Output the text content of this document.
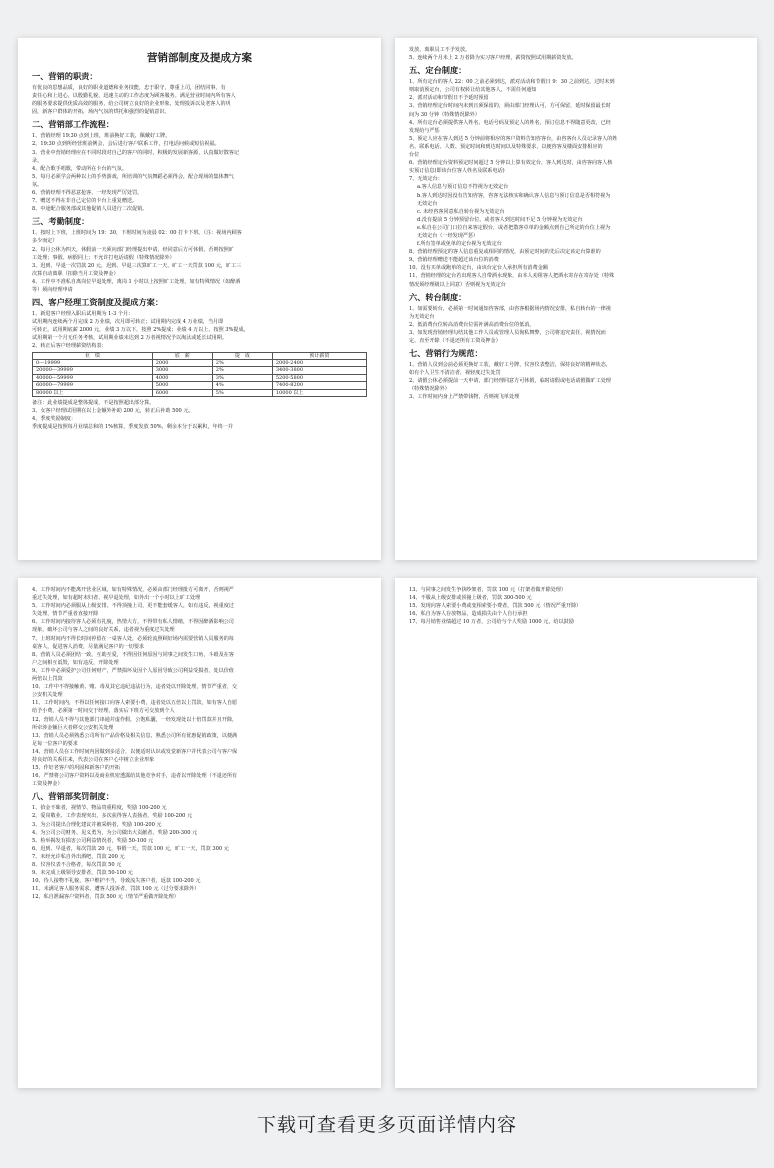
营销部制度及提成方案
一、营销的职责：
有优良的思想品质，良好的职业道德和业务技能，忠于职守，尊重上司，团结同事，有
责任心和上进心，以殷勤礼貌，迅速主动的工作态度为顾客服务。满足营业时间内所有客人
的服务要求提供优质高效的服务，给公司树立良好的企业形象，处理投诉以及老客人的巩
固，新客户群体的开拓，场内气氛的烘托和强烈的促销意识。
二、营销部工作流程：
1、营销经理 19:30 点到上班，班前换好工装、佩戴好工牌。
2、19:30 点到所经营班前例会，会后进行客户联系工作，打电话问候或短信祝福。
3、营业中营销经理应在不同时段对自己的客户的同时，积极的发展新客源，认真做好散客记
录。
4、配合歌手唱歌，带动所在卡台的气氛。
5、每月必须学会两种以上的手势游戏，所培训的气氛舞蹈必须得会，配合现场的集体舞气
氛。
6、营销经理不得恶意抢客，一经发现严厉处罚。
7、赠送不得在非自己定位的卡台上重复赠送。
8、中途配合服务部或其他促销人员进行二次促销。
三、考勤制度：
1、按时上下班，上班时间为 19：30，下班时间为凌晨 02：00 打卡下班。（注：视场内顾客
多少而定）
2、每月公休为四天，休假前一天须向部门经理提出申请，经同意后方可休假，否则按照旷
工处理；事假、病假同上；不允许打电话请假（特殊情况除外）
3、迟到、早退一次罚款 20 元，迟到、早退三次算旷工一天，旷工一天罚款 100 元，旷工三
次算自动离职（扣除当月工资及押金）
4、工作中不准私自离岗位早退处理，离岗 1 小时以上按照旷工处理，如有特殊情况（如醉酒
等）须向经理申请
四、客户经理工资制度及提成方案：
1、新进客户经理入职后试用期为 1-3 个月：
试用期内连续两个月完成 2 万业绩，次月即可转正；试用期内完成 4 万业绩，当月即
可转正。试用期底薪 2000 元，业绩 3 万以下，按照 2%提成；业绩 4 万以上，按照 3%提成。
试用期第一个月无任务考核，试用期业绩未达到 2 万者视情况予以淘汰或延长试用期。
2、转正后客户经理薪资结构表：
业　绩	底　薪	提　成	预计薪资
0---19999	2000	2%	2000-2400
20000---39999	3000	2%	3400-3800
40000---59999	4000	3%	5200-5800
60000---79999	5000	4%	7400-8200
80000 以上	6000	5%	10000 以上
备注：此业绩提成是整体提成，不是按照超出部分算。
3、女客户经理试用期在以上金额外补助 200 元，转正后补助 500 元。
4、季度奖励制度：
季度提成是按照每月业绩总和的 1%核算，季度发放 50%，剩余本分于以累积，年终一并
发放，离职员工不予发放。
5、连续两个月未上 2 万者降为实习客户经理，薪资按照试用期薪资发放。
五、定台制度：
1、所有定台的客人 22：00 之前必须到达，派对活动和节假日 9：30 之前到达，过时未到
则取消预定台，公司有权转让给其他客人，不需任何通知
2、派对活动和节假日不予延时预留
3、营销经理定台时间内未到且须保留的，须由部门经理认可，方可保留，延时保留最长时
间为 30 分钟（特殊情况除外）
4、所有定台必须提供客人姓名、电话号码及预定人的姓名，预订信息不得随意更改，已经
发现给与严惩
5、预定人应在客人到达 5 分钟前将相应的客户资料告知咨客台，由咨客台人员记录客人的姓
名、联系电话、人数、预定时间和到达时间以及特殊要求，以便咨客及楼面安排相应的
台位
6、营销经理定台资料预定时间超过 5 分钟以上算有效定台，客人到达时，由咨客向客人核
实预订信息(即该台位客人姓名及联系电话)
7、无效定台：
a.客人信息与预订信息不符视为无效定台
b.客人到达时因没有告知咨客，咨客无法核实和确认客人信息与预订信息是否相符视为
无效定台
c. 未经咨客同意私自转台视为无效定台
d.没有提前 5 分钟预留台位，或者客人到达时间不足 5 分钟视为无效定台
e.私自在公司门口拉自来客定假台，或者把散客卓单的金额点到自己所定的台位上视为
无效定台（一经发现严惩）
f.所有签单或免单的定台视为无效定台
8、营销经理预定的客人信息重复或相同的情况，由预定时间的先后决定该定台算谁的
9、营销经理赠送不能超过该台位的消费
10、没有买单或跑单的定台，由该台定台人承担所有消费金额
11、营销经理的定台若出现客人自带酒水现象，由本人劝阻客人把酒水寄存在寄存处（特殊
情况须经理级以上同意）否则视为无效定台
六、转台制度：
1、如需要转台，必须第一时间通知咨客部，由咨客根据场内情况安排，私自转台的一律视
为无效定台
2、低消费台位转高消费台位需补满高消费台位的低消。
3、如发现营销经理勾结其他工作人员或管理人员徇私舞弊，公司将追究责任，视情况而
定，直至开除（不退还所有工资及押金）
七、营销行为规范：
1、营销人员到会前必须更换好工装，戴好工号牌，仪容仪表整洁，保持良好的精神状态，
如有个人卫生不清洁者，视轻度过失处罚
2、请假公休必须提前一天申请，部门经理同意方可休假，临时请假或电话请假做旷工处理
（特殊情况除外）
3、工作时间内身上严禁带钱物，否则视飞单处理
4、工作时间内不能离开营业区域，如有特殊情况，必须由部门经理批方可离开，否则视严
重过失处理，如有超时未归者，视早退处理，如外出一个小时以上旷工处理
5、工作时间内必须服从上级安排，不得顶撞上司，更不能套缓客人，如有违反，视重度过
失处理，情节严重者直接开除
6、工作时间内接待客人必须有礼貌，热情大方，不得带有私人情绪，不得因醉酒影响公司
现象，破坏公司与客人之间的良好关系，违者视为重度过失处理
7、上班时间内不得长时间停留在一桌客人处，必须轮流照顾好场内需要营销人员服务的每
桌客人，促进客人消费，尽量满足客户的一切要求
8、营销人员必须团结一致，互助互爱，不得因任何原因与同事之间发生口角，斗殴及在客
户之间相互诋毁，如有违反，开除处理
9、工作中必须爱护公司任何财产，严禁损坏及因个人原因导致公司利益受损者，处以价值
两倍以上罚款
10、工作中不得接触黄、赌、毒及其它违纪违法行为，违者处以开除处理，情节严重者，交
公安机关处理
11、工作时间内，不得以任何接口向客人索要小费，违者处以五倍以上罚款，如有客人自愿
给予小费，必须第一时间交于经理，落实后下班方可交放到个人
12、营销人员不得与其他部门串通并虚作假，公饱私囊，一经发现处以十倍罚款并且开除，
所牵涉金额巨大者移交公安机关处理
13、营销人员必须熟悉公司所有产品价格及相关信息，熟悉公司所有优惠促销政策，以便满
足每一位客户的要求
14、营销人员在工作时间内因做到多适合，以便适时认识或发觉新客户并代表公司与客户保
持良好的关系往来，代表公司在客户心中树立企业形象
15、作好老客户的巩固和新客户的开拓
16、严禁将公司客户资料以及商业机密透露给其他竞争对手，违者以开除处理（不退还所有
工资及押金）
八、营销部奖罚制度：
1、拾金不昧者，视情节、物品贵重程度，奖励 100-200 元
2、爱岗敬业、工作表现突出，多次获得客人表扬者，奖励 100-200 元
3、为公司提出合理化建议并被采纳者，奖励 100-200 元
4、为公司公司财务、见义勇为，为公司做出大贡献者，奖励 200-300 元
5、检举揭发有损害公司利益情况者，奖励 50-100 元
6、迟到、早退者，每次罚款 20 元，事假一天，罚款 100 元，旷工一天，罚款 300 元
7、未经允许私自外出酒吧，罚款 200 元
8、仪容仪表不合格者，每次罚款 50 元
9、未完成上级领导安排者，罚款 50-100 元
10、待人接物不礼貌，客户维护不当，导致流失客户者，返款 100-200 元
11、未满足客人服务需求，遭客人投诉者，罚款 100 元（过分要求除外）
12、私自泄漏客户资料者，罚款 500 元（情节严重做开除处理）
13、与同事之间发生争执吵架者，罚款 100 元（打架者做开除处理）
14、不服从上级安排或顶撞上级者，罚款 300-500 元
15、发现向客人索要小费或变相索要小费者，罚款 500 元（情况严重开除）
16、私自为客人存放物品，造成损失由个人自行承担
17、每月销售业绩超过 10 万者，公司给与个人奖励 1000 元，给以鼓励
下载可查看更多页面详情内容
